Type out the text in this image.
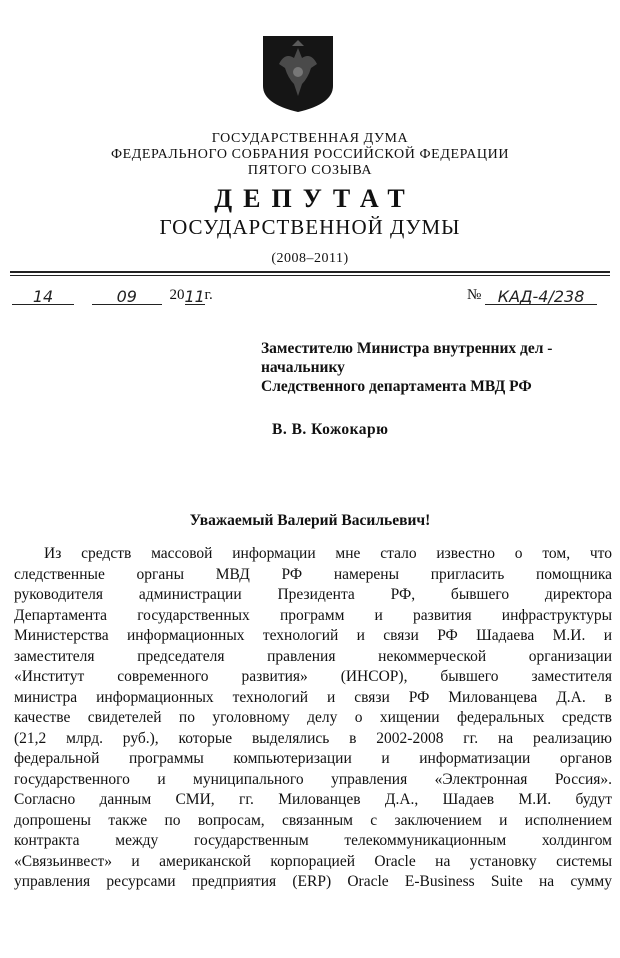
ГОСУДАРСТВЕННАЯ ДУМА
ФЕДЕРАЛЬНОГО СОБРАНИЯ РОССИЙСКОЙ ФЕДЕРАЦИИ
ПЯТОГО СОЗЫВА
ДЕПУТАТ
ГОСУДАРСТВЕННОЙ ДУМЫ
(2008–2011)
14	09 2011г.	№ КАД-4/238
Заместителю Министра внутренних дел -
начальнику
Следственного департамента МВД РФ
В. В. Кожокарю
Уважаемый Валерий Васильевич!
Из средств массовой информации мне стало известно о том, что
следственные органы МВД РФ намерены пригласить помощника
руководителя администрации Президента РФ, бывшего директора
Департамента государственных программ и развития инфраструктуры
Министерства информационных технологий и связи РФ Шадаева М.И. и
заместителя председателя правления некоммерческой организации
«Институт современного развития» (ИНСОР), бывшего заместителя
министра информационных технологий и связи РФ Милованцева Д.А. в
качестве свидетелей по уголовному делу о хищении федеральных средств
(21,2 млрд. руб.), которые выделялись в 2002-2008 гг. на реализацию
федеральной программы компьютеризации и информатизации органов
государственного и муниципального управления «Электронная Россия».
Согласно данным СМИ, гг. Милованцев Д.А., Шадаев М.И. будут
допрошены также по вопросам, связанным с заключением и исполнением
контракта между государственным телекоммуникационным холдингом
«Связьинвест» и американской корпорацией Oracle на установку системы
управления ресурсами предприятия (ERP) Oracle E-Business Suite на сумму
